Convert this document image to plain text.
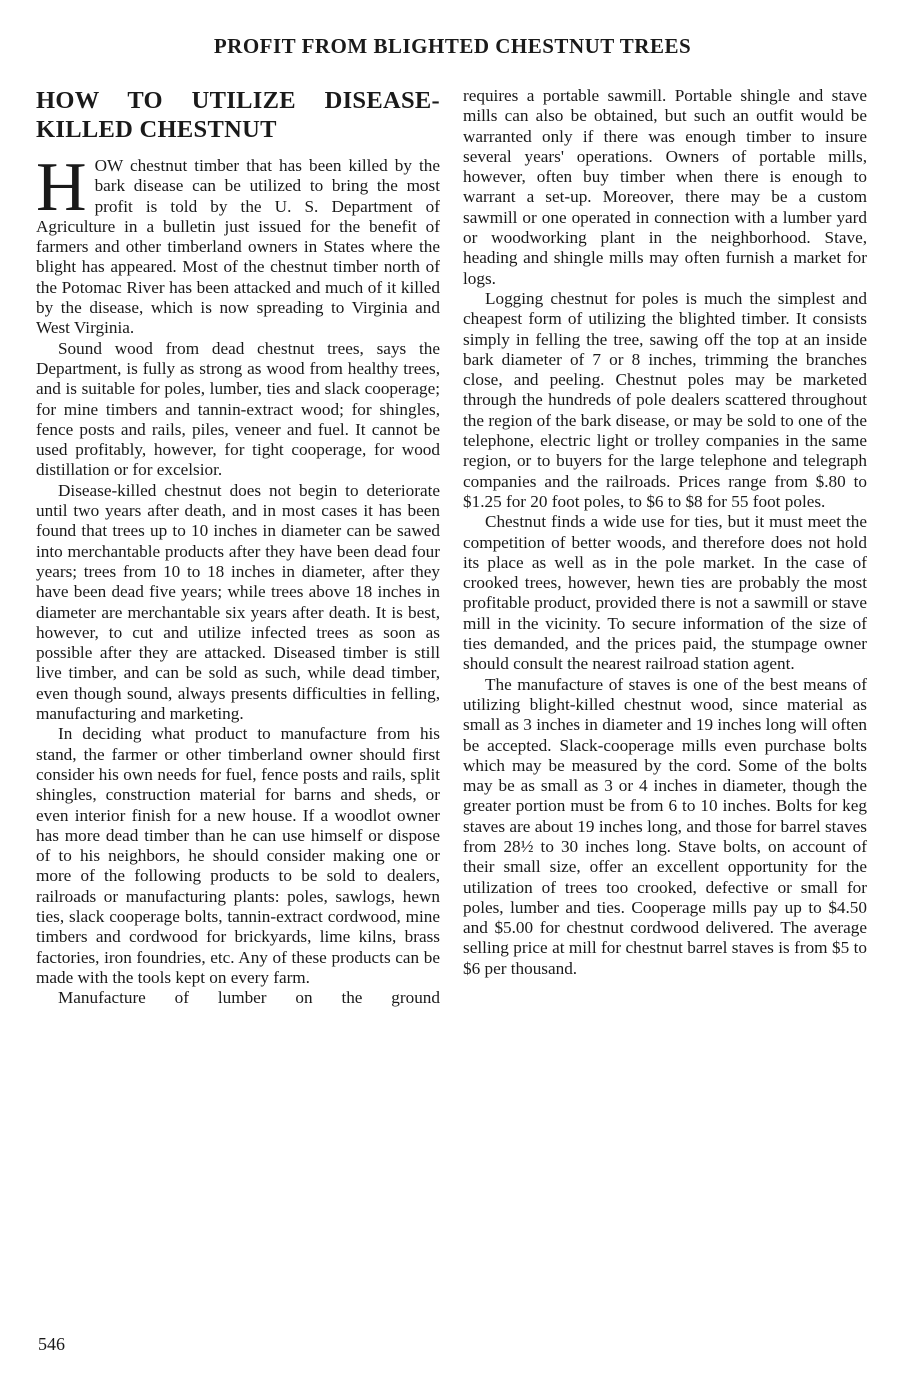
PROFIT FROM BLIGHTED CHESTNUT TREES
HOW TO UTILIZE DISEASE-KILLED CHESTNUT

HOW chestnut timber that has been killed by the bark disease can be utilized to bring the most profit is told by the U. S. Department of Agriculture in a bulletin just issued for the benefit of farmers and other timberland owners in States where the blight has appeared. Most of the chestnut timber north of the Potomac River has been attacked and much of it killed by the disease, which is now spreading to Virginia and West Virginia.

Sound wood from dead chestnut trees, says the Department, is fully as strong as wood from healthy trees, and is suitable for poles, lumber, ties and slack cooperage; for mine timbers and tannin-extract wood; for shingles, fence posts and rails, piles, veneer and fuel. It cannot be used profitably, however, for tight cooperage, for wood distillation or for excelsior.

Disease-killed chestnut does not begin to deteriorate until two years after death, and in most cases it has been found that trees up to 10 inches in diameter can be sawed into merchantable products after they have been dead four years; trees from 10 to 18 inches in diameter, after they have been dead five years; while trees above 18 inches in diameter are merchantable six years after death. It is best, however, to cut and utilize infected trees as soon as possible after they are attacked. Diseased timber is still live timber, and can be sold as such, while dead timber, even though sound, always presents difficulties in felling, manufacturing and marketing.

In deciding what product to manufacture from his stand, the farmer or other timberland owner should first consider his own needs for fuel, fence posts and rails, split shingles, construction material for barns and sheds, or even interior finish for a new house. If a woodlot owner has more dead timber than he can use himself or dispose of to his neighbors, he should consider making one or more of the following products to be sold to dealers, railroads or manufacturing plants: poles, sawlogs, hewn ties, slack cooperage bolts, tannin-extract cordwood, mine timbers and cordwood for brickyards, lime kilns, brass factories, iron foundries, etc. Any of these products can be made with the tools kept on every farm.

Manufacture of lumber on the ground

requires a portable sawmill. Portable shingle and stave mills can also be obtained, but such an outfit would be warranted only if there was enough timber to insure several years' operations. Owners of portable mills, however, often buy timber when there is enough to warrant a set-up. Moreover, there may be a custom sawmill or one operated in connection with a lumber yard or woodworking plant in the neighborhood. Stave, heading and shingle mills may often furnish a market for logs.

Logging chestnut for poles is much the simplest and cheapest form of utilizing the blighted timber. It consists simply in felling the tree, sawing off the top at an inside bark diameter of 7 or 8 inches, trimming the branches close, and peeling. Chestnut poles may be marketed through the hundreds of pole dealers scattered throughout the region of the bark disease, or may be sold to one of the telephone, electric light or trolley companies in the same region, or to buyers for the large telephone and telegraph companies and the railroads. Prices range from $.80 to $1.25 for 20 foot poles, to $6 to $8 for 55 foot poles.

Chestnut finds a wide use for ties, but it must meet the competition of better woods, and therefore does not hold its place as well as in the pole market. In the case of crooked trees, however, hewn ties are probably the most profitable product, provided there is not a sawmill or stave mill in the vicinity. To secure information of the size of ties demanded, and the prices paid, the stumpage owner should consult the nearest railroad station agent.

The manufacture of staves is one of the best means of utilizing blight-killed chestnut wood, since material as small as 3 inches in diameter and 19 inches long will often be accepted. Slack-cooperage mills even purchase bolts which may be measured by the cord. Some of the bolts may be as small as 3 or 4 inches in diameter, though the greater portion must be from 6 to 10 inches. Bolts for keg staves are about 19 inches long, and those for barrel staves from 28½ to 30 inches long. Stave bolts, on account of their small size, offer an excellent opportunity for the utilization of trees too crooked, defective or small for poles, lumber and ties. Cooperage mills pay up to $4.50 and $5.00 for chestnut cordwood delivered. The average selling price at mill for chestnut barrel staves is from $5 to $6 per thousand.

546
